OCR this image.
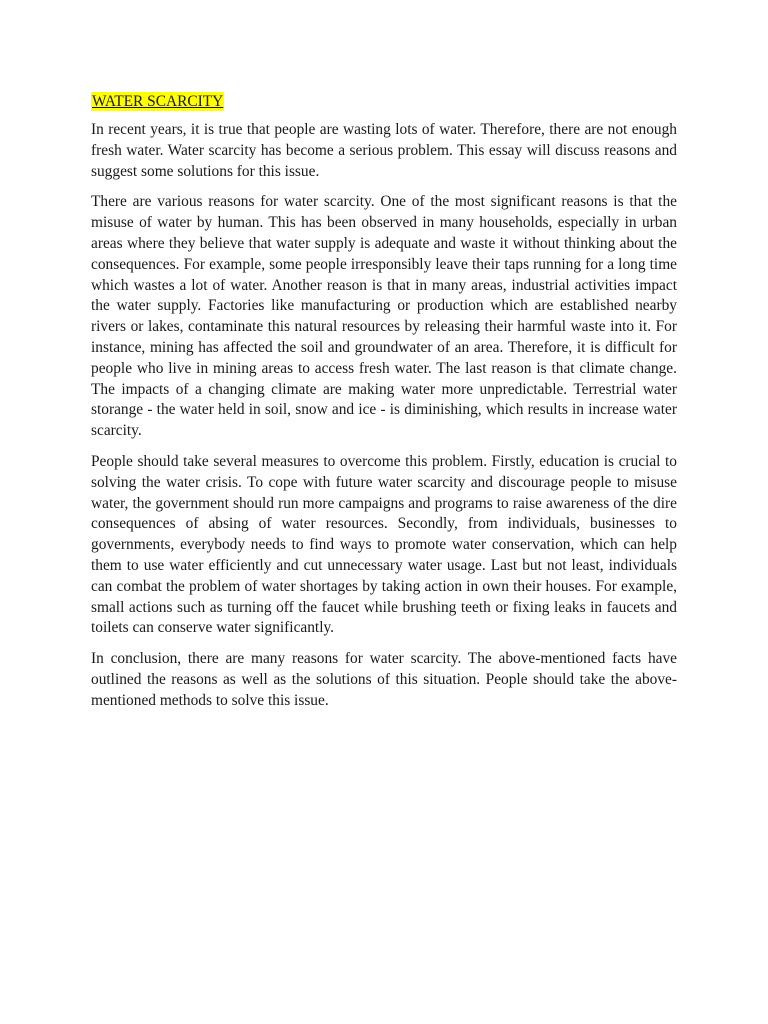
WATER SCARCITY

In recent years, it is true that people are wasting lots of water. Therefore, there are not enough fresh water. Water scarcity has become a serious problem. This essay will discuss reasons and suggest some solutions for this issue.

There are various reasons for water scarcity. One of the most significant reasons is that the misuse of water by human. This has been observed in many households, especially in urban areas where they believe that water supply is adequate and waste it without thinking about the consequences. For example, some people irresponsibly leave their taps running for a long time which wastes a lot of water. Another reason is that in many areas, industrial activities impact the water supply. Factories like manufacturing or production which are established nearby rivers or lakes, contaminate this natural resources by releasing their harmful waste into it. For instance, mining has affected the soil and groundwater of an area. Therefore, it is difficult for people who live in mining areas to access fresh water. The last reason is that climate change. The impacts of a changing climate are making water more unpredictable. Terrestrial water storange - the water held in soil, snow and ice - is diminishing, which results in increase water scarcity.

People should take several measures to overcome this problem. Firstly, education is crucial to solving the water crisis. To cope with future water scarcity and discourage people to misuse water, the government should run more campaigns and programs to raise awareness of the dire consequences of absing of water resources. Secondly, from individuals, businesses to governments, everybody needs to find ways to promote water conservation, which can help them to use water efficiently and cut unnecessary water usage. Last but not least, individuals can combat the problem of water shortages by taking action in own their houses. For example, small actions such as turning off the faucet while brushing teeth or fixing leaks in faucets and toilets can conserve water significantly.

In conclusion, there are many reasons for water scarcity. The above-mentioned facts have outlined the reasons as well as the solutions of this situation. People should take the above-mentioned methods to solve this issue.
